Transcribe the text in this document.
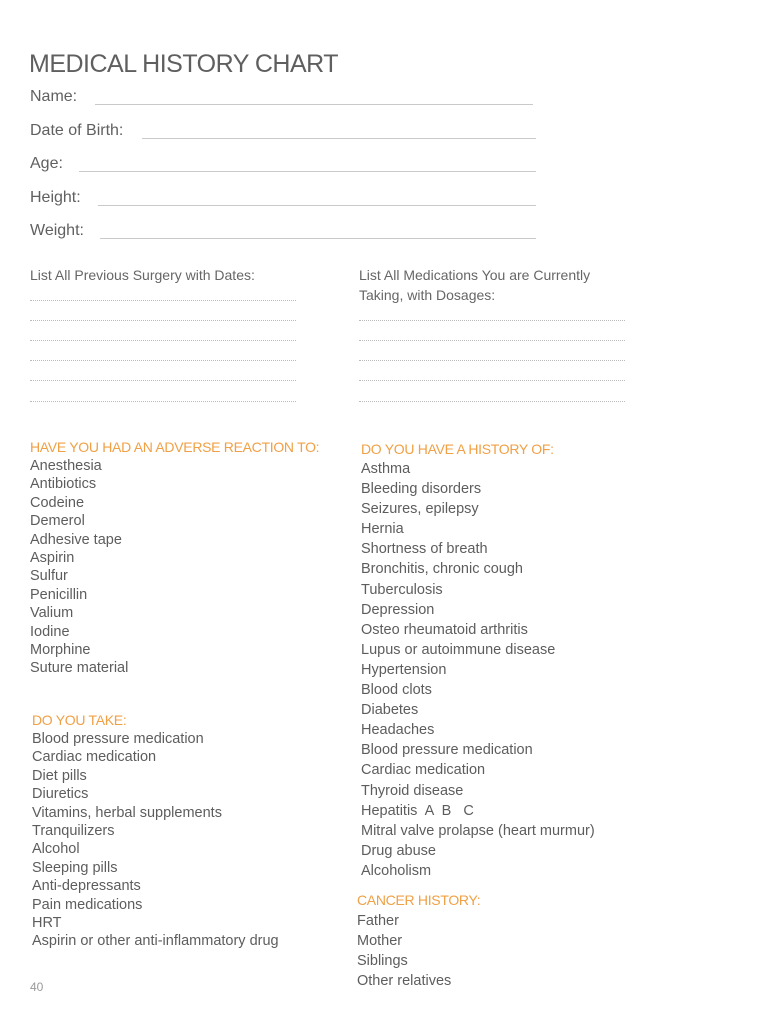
MEDICAL HISTORY CHART
Name:
Date of Birth:
Age:
Height:
Weight:
List All Previous Surgery with Dates:	List All Medications You are Currently
Taking, with Dosages:
HAVE YOU HAD AN ADVERSE REACTION TO:
Anesthesia
Antibiotics
Codeine
Demerol
Adhesive tape
Aspirin
Sulfur
Penicillin
Valium
Iodine
Morphine
Suture material
DO YOU HAVE A HISTORY OF:
Asthma
Bleeding disorders
Seizures, epilepsy
Hernia
Shortness of breath
Bronchitis, chronic cough
Tuberculosis
Depression
Osteo rheumatoid arthritis
Lupus or autoimmune disease
Hypertension
Blood clots
Diabetes
Headaches
Blood pressure medication
Cardiac medication
Thyroid disease
Hepatitis  A  B   C
Mitral valve prolapse (heart murmur)
Drug abuse
Alcoholism
DO YOU TAKE:
Blood pressure medication
Cardiac medication
Diet pills
Diuretics
Vitamins, herbal supplements
Tranquilizers
Alcohol
Sleeping pills
Anti-depressants
Pain medications
HRT
Aspirin or other anti-inflammatory drug
CANCER HISTORY:
Father
Mother
Siblings
Other relatives
40
